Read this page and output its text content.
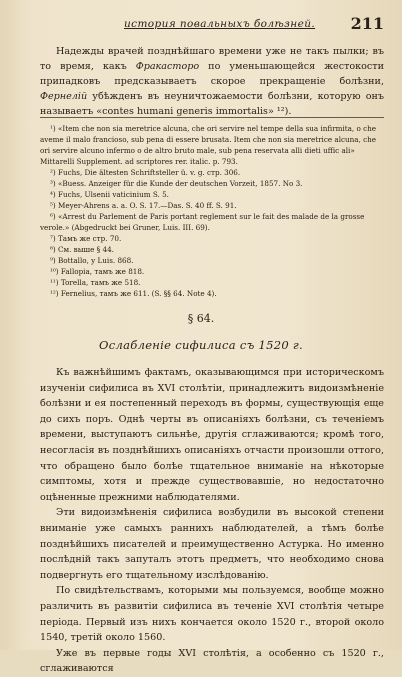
история повальныхъ болѣзней. 211

Надежды врачей позднѣйшаго времени уже не такъ пылки; въ то время, какъ Фракасторо по уменьшающейся жестокости припадковъ предсказываетъ скорое прекращеніе болѣзни, Фернелій убѣжденъ въ неуничтожаемости болѣзни, которую онъ называетъ «contes humani generis immortalis» ¹²).

¹) «Item che non sia meretrice alcuna, che ori servire nel tempe della sua infirmita, o che aveme il malo francioso, sub pena di essere brusata. Item che non sia meretrice alcuna, che ori servire alcuno infermo o de altro bruto male, sub pena reservata alli dieti uffic ali» Mittarelli Supplement. ad scriptores rer. italic. p. 793.
²) Fuchs, Die ältesten Schriftsteller ü. v. g. стр. 306.
³) «Buess. Anzeiger für die Kunde der deutschen Vorzeit, 1857. No 3.
⁴) Fuchs, Ulsenii vaticinium S. 5.
⁵) Meyer-Ahrens a. a. O. S. 17.—Das. S. 40 ff. S. 91.
⁶) «Arrest du Parlement de Paris portant reglement sur le fait des malade de la grosse verole.» (Abgedruckt bei Gruner, Luis. III. 69).
⁷) Тамъ же стр. 70.
⁸) См. выше § 44.
⁹) Bottallo, y Luis. 868.
¹⁰) Fallopia, тамъ же 818.
¹¹) Torella, тамъ же 518.
¹²) Fernelius, тамъ же 611. (S. §§ 64. Note 4).
§ 64.
Ослабленіе сифилиса съ 1520 г.

Къ важнѣйшимъ фактамъ, оказывающимся при историческомъ изученіи сифилиса въ XVI столѣтіи, принадлежитъ видоизмѣненіе болѣзни и ея постепенный переходъ въ формы, существующія еще до сихъ поръ. Однѣ черты въ описаніяхъ болѣзни, съ теченіемъ времени, выступаютъ сильнѣе, другія сглаживаются; кромѣ того, несогласія въ позднѣйшихъ описаніяхъ отчасти произошли оттого, что обращено было болѣе тщательное вниманіе на нѣкоторые симптомы, хотя и прежде существовавшіе, но недостаточно оцѣненные прежними наблюдателями.

Эти видоизмѣненія сифилиса возбудили въ высокой степени вниманіе уже самыхъ раннихъ наблюдателей, а тѣмъ болѣе позднѣйшихъ писателей и преимущественно Астурка. Но именно послѣдній такъ запуталъ этотъ предметъ, что необходимо снова подвергнуть его тщательному изслѣдованію.

По свидѣтельствамъ, которыми мы пользуемся, вообще можно различить въ развитіи сифилиса въ теченіе XVI столѣтія четыре періода. Первый изъ нихъ кончается около 1520 г., второй около 1540, третій около 1560.

Уже въ первые годы XVI столѣтія, а особенно съ 1520 г., сглаживаются
